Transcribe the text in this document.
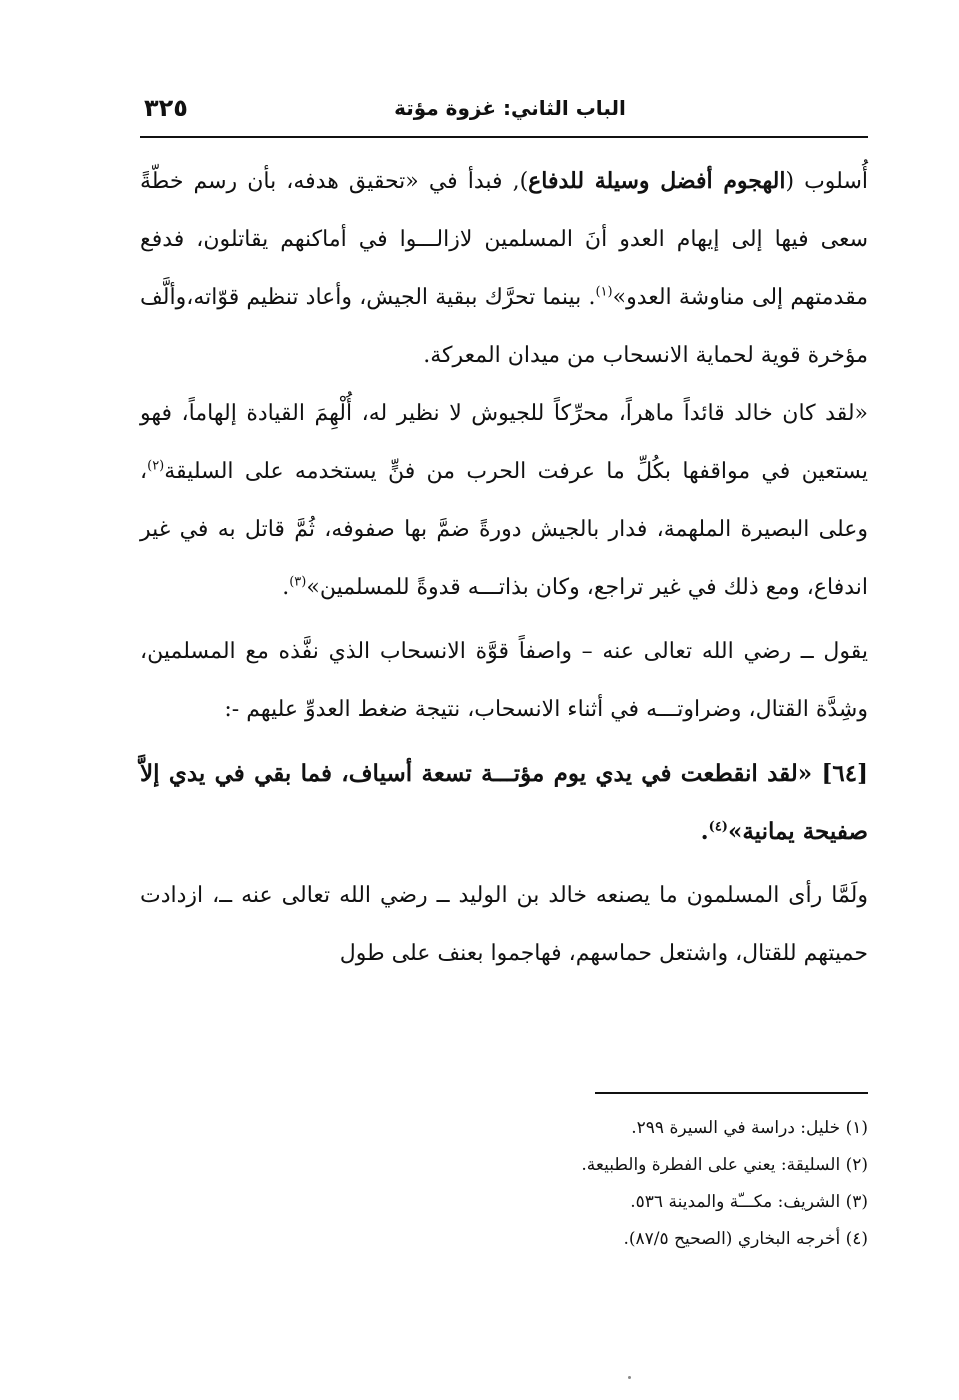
٣٢٥	الباب الثاني: غزوة مؤتة

أُسلوب (الهجوم أفضل وسيلة للدفاع), فبدأ في «تحقيق هدفه، بأن رسم خطّةً سعى فيها إلى إيهام العدو أنَ المسلمين لازالـــوا في أماكنهم يقاتلون، فدفع مقدمتهم إلى مناوشة العدو»$^{(١)}$. بينما تحرَّك ببقية الجيش، وأعاد تنظيم قوّاته،وألَّف مؤخرة قوية لحماية الانسحاب من ميدان المعركة.

«لقد كان خالد قائداً ماهراً، محرِّكاً للجيوش لا نظير له، أُلْهِمَ القيادة إلهاماً، فهو يستعين في مواقفها بكُلِّ ما عرفت الحرب من فنٍّ يستخدمه على السليقة$^{(٢)}$، وعلى البصيرة الملهمة، فدار بالجيش دورةً ضمَّ بها صفوفه، ثُمَّ قاتل به في غير اندفاع، ومع ذلك في غير تراجع، وكان بذاتـــه قدوةً للمسلمين»$^{(٣)}$.

يقول ــ رضي الله تعالى عنه – واصفاً قوَّة الانسحاب الذي نفَّذه مع المسلمين، وشِدَّة القتال، وضراوتـــه في أثناء الانسحاب، نتيجة ضغط العدوِّ عليهم -:

[٦٤] «لقد انقطعت في يدي يوم مؤتـــة تسعة أسياف، فما بقي في يدي إلاَّ صفيحة يمانية»$^{(٤)}$.

ولَمَّا رأى المسلمون ما يصنعه خالد بن الوليد ــ رضي الله تعالى عنه ــ، ازدادت حميتهم للقتال، واشتعل حماسهم، فهاجموا بعنف على طول

(١) خليل: دراسة في السيرة ٢٩٩.
(٢) السليقة: يعني على الفطرة والطبيعة.
(٣) الشريف: مكـــّة والمدينة ٥٣٦.
(٤) أخرجه البخاري (الصحيح ٨٧/٥).
